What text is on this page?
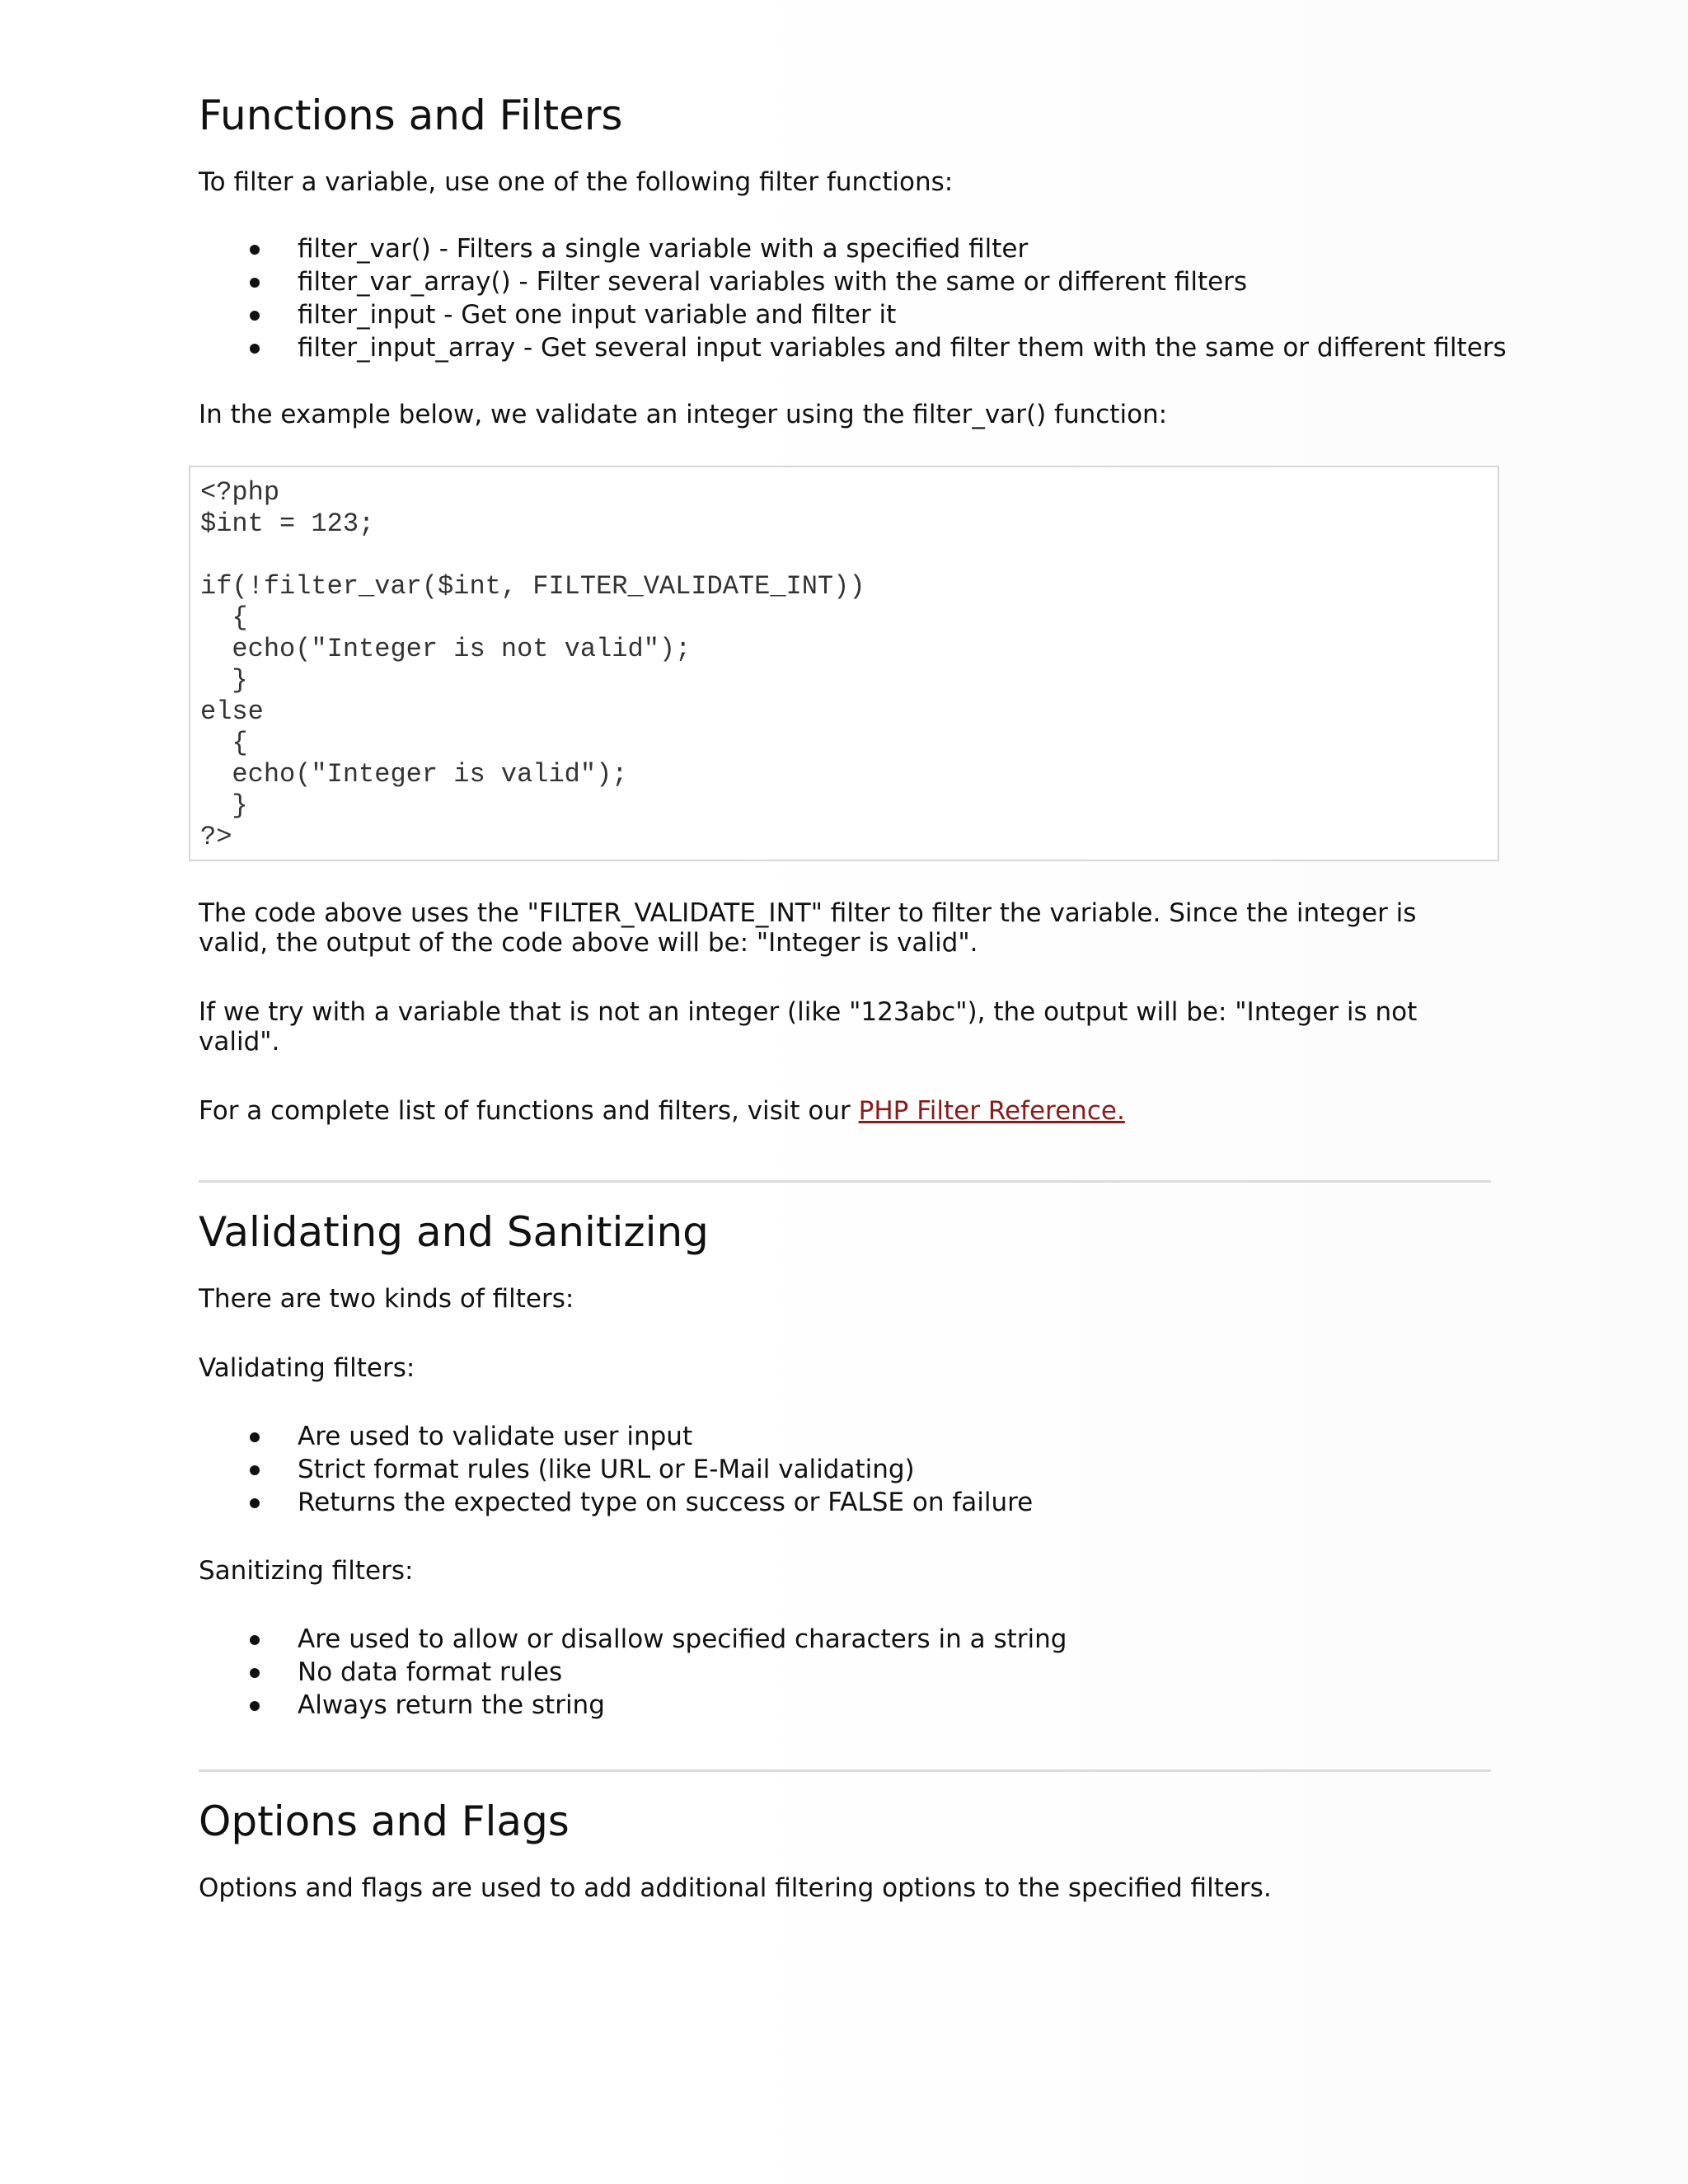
Functions and Filters

To filter a variable, use one of the following filter functions:

filter_var() - Filters a single variable with a specified filter
filter_var_array() - Filter several variables with the same or different filters
filter_input - Get one input variable and filter it
filter_input_array - Get several input variables and filter them with the same or different filters

In the example below, we validate an integer using the filter_var() function:

<?php
$int = 123;

if(!filter_var($int, FILTER_VALIDATE_INT))
{
echo("Integer is not valid");
}
else
{
echo("Integer is valid");
}
?>

The code above uses the "FILTER_VALIDATE_INT" filter to filter the variable. Since the integer is
valid, the output of the code above will be: "Integer is valid".

If we try with a variable that is not an integer (like "123abc"), the output will be: "Integer is not
valid".

For a complete list of functions and filters, visit our PHP Filter Reference.

Validating and Sanitizing

There are two kinds of filters:

Validating filters:

Are used to validate user input
Strict format rules (like URL or E-Mail validating)
Returns the expected type on success or FALSE on failure

Sanitizing filters:

Are used to allow or disallow specified characters in a string
No data format rules
Always return the string
Options and Flags

Options and flags are used to add additional filtering options to the specified filters.
